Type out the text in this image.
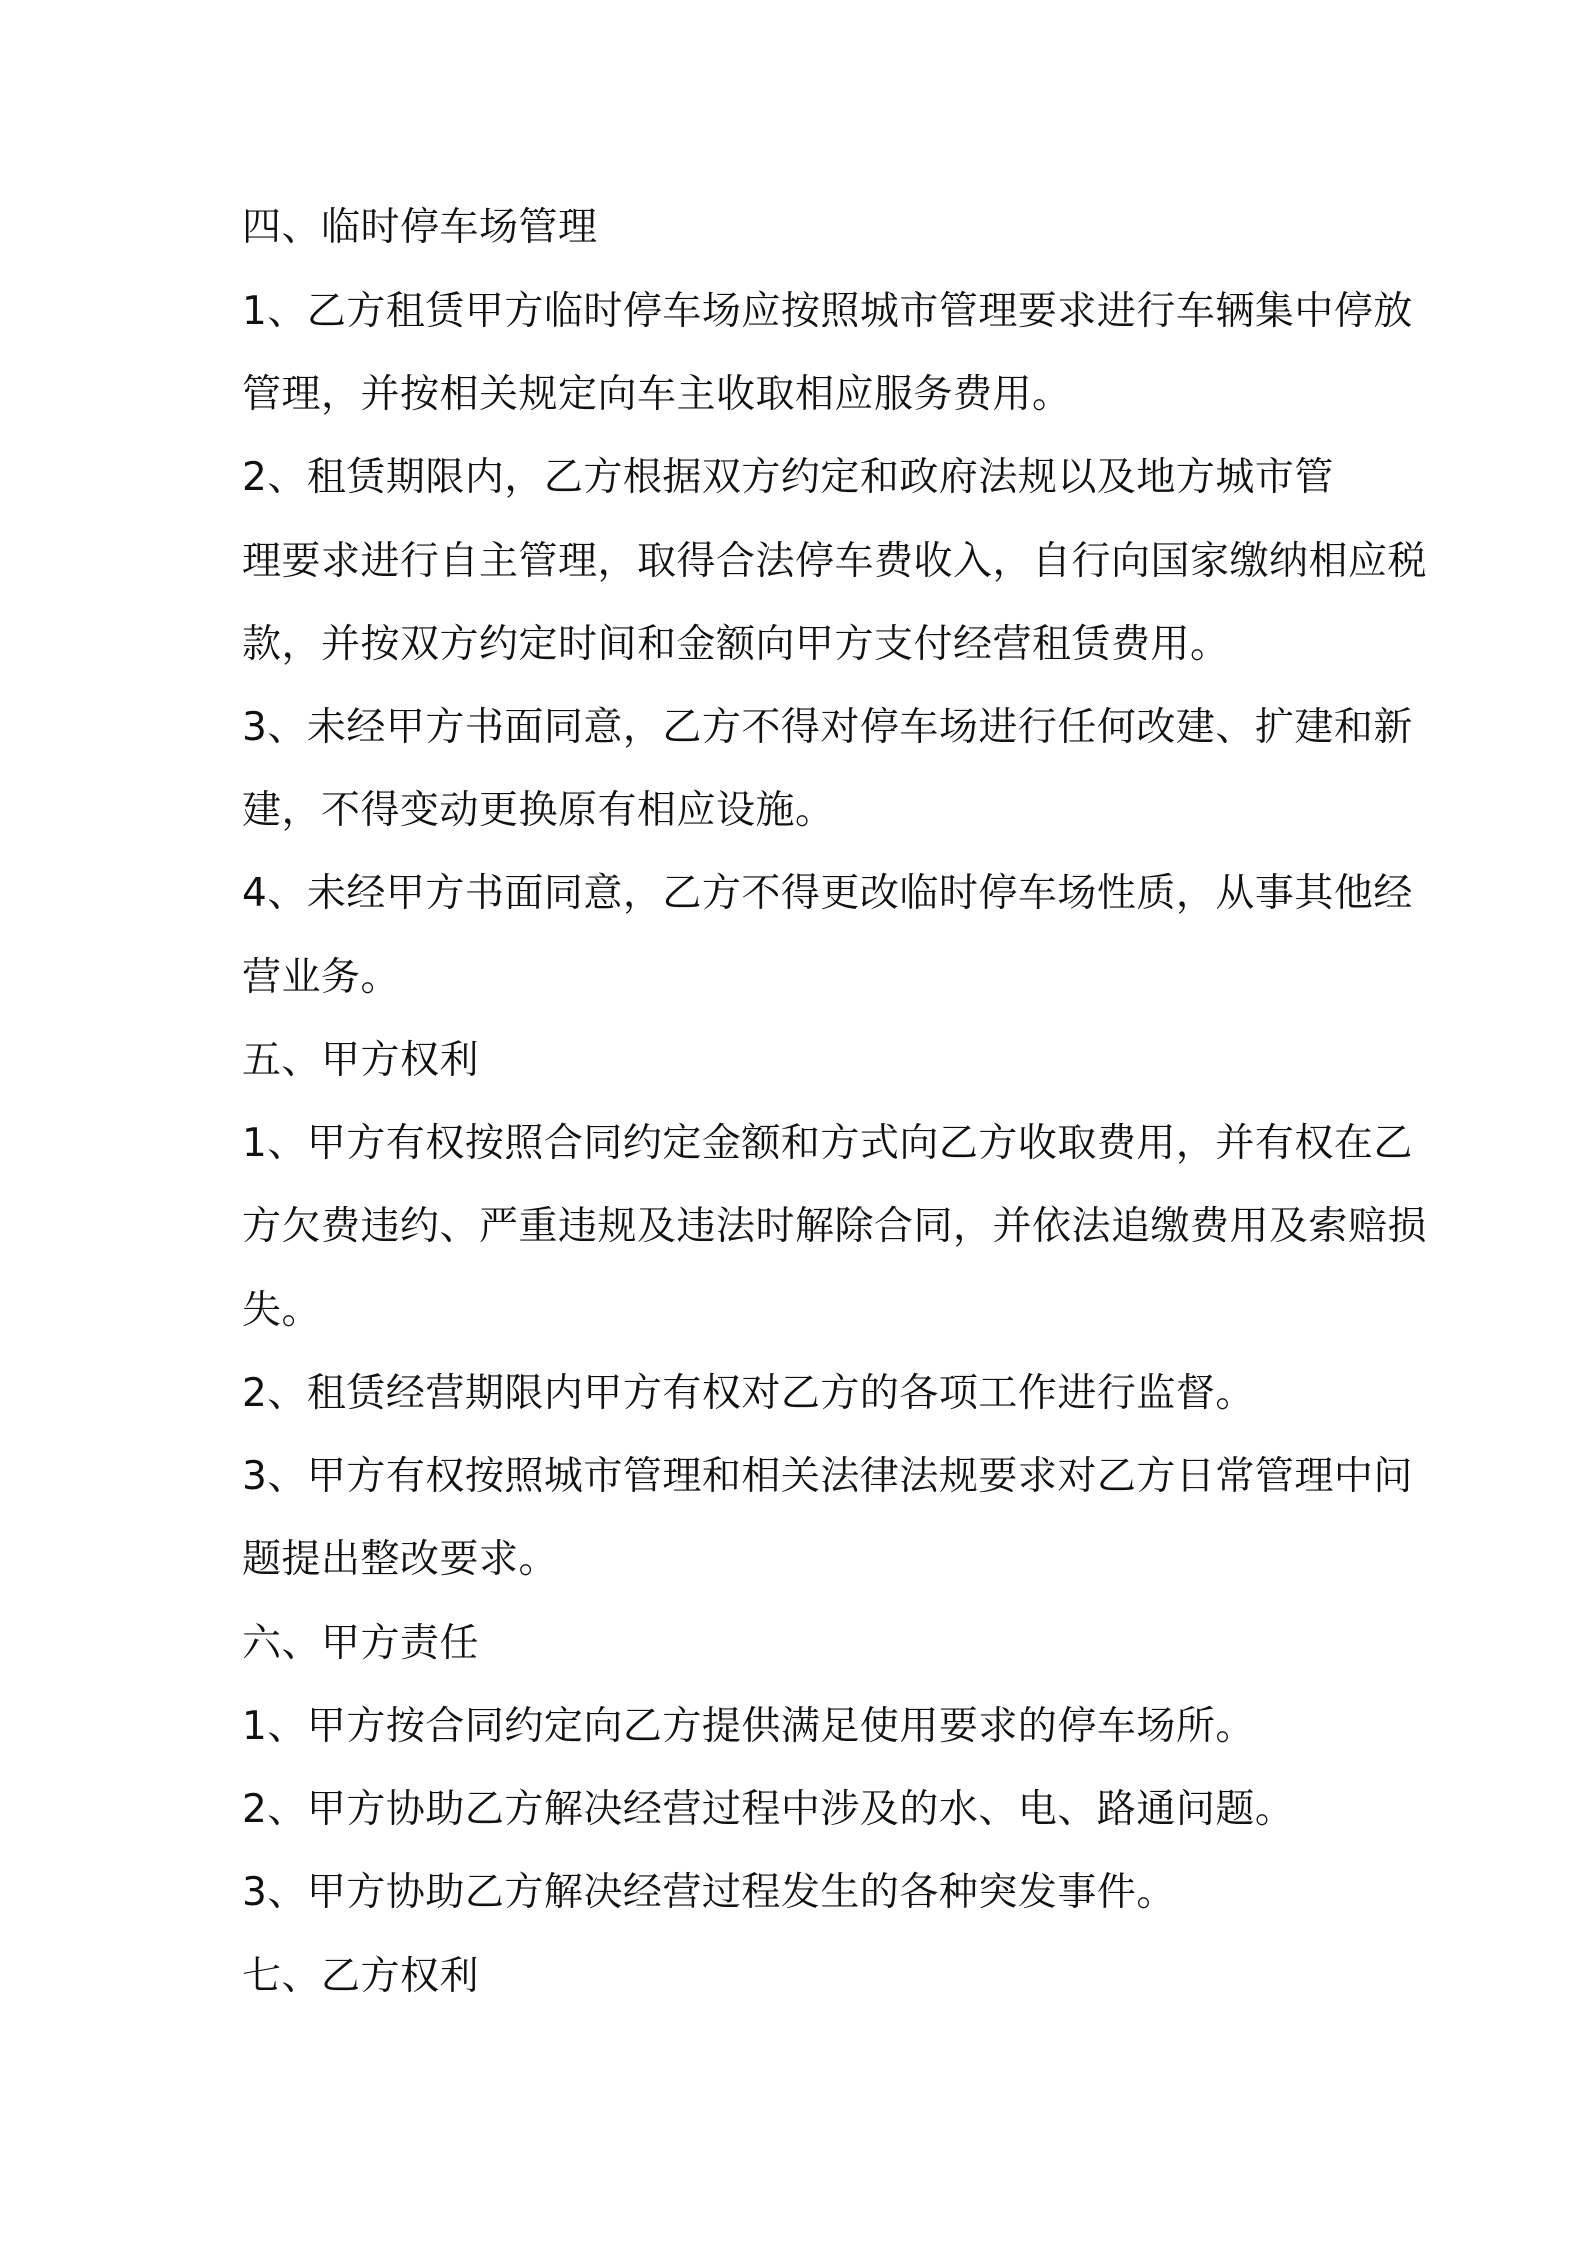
四、临时停车场管理
1、乙方租赁甲方临时停车场应按照城市管理要求进行车辆集中停放
管理，并按相关规定向车主收取相应服务费用。
2、租赁期限内，乙方根据双方约定和政府法规以及地方城市管
理要求进行自主管理，取得合法停车费收入，自行向国家缴纳相应税
款，并按双方约定时间和金额向甲方支付经营租赁费用。
3、未经甲方书面同意，乙方不得对停车场进行任何改建、扩建和新
建，不得变动更换原有相应设施。
4、未经甲方书面同意，乙方不得更改临时停车场性质，从事其他经
营业务。
五、甲方权利
1、甲方有权按照合同约定金额和方式向乙方收取费用，并有权在乙
方欠费违约、严重违规及违法时解除合同，并依法追缴费用及索赔损
失。
2、租赁经营期限内甲方有权对乙方的各项工作进行监督。
3、甲方有权按照城市管理和相关法律法规要求对乙方日常管理中问
题提出整改要求。
六、甲方责任
1、甲方按合同约定向乙方提供满足使用要求的停车场所。
2、甲方协助乙方解决经营过程中涉及的水、电、路通问题。
3、甲方协助乙方解决经营过程发生的各种突发事件。
七、乙方权利
